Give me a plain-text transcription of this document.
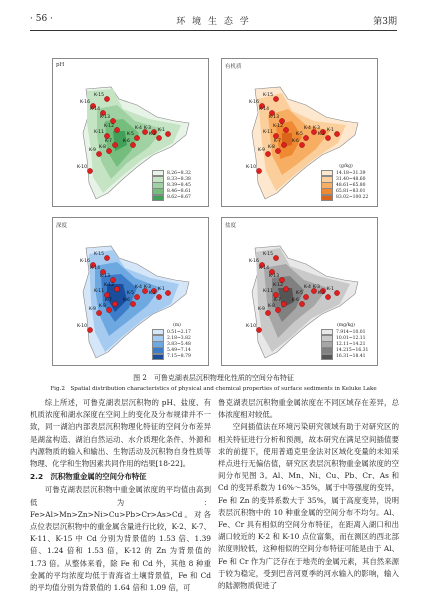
· 56 ·	环 境 生 态 学	第3期
K-15
K-16
K-14
K-13
K-12
K-11
K-4 K-3
K-2
K-1
K-5
K-6
K-7
K-8
K-9
K-10
pH
8.26~8.32
8.33~8.38
8.39~8.45
8.46~8.61
8.62~8.67
K-15
K-16
K-14
K-13
K-12
K-11
K-4 K-3
K-2
K-1
K-5
K-6
K-7
K-8
K-9
K-10
有机质
(g/kg)
14.18~31.39
31.40~48.60
48.61~65.80
65.81~83.01
83.02~100.22
K-15
K-16
K-14
K-13
K-12
K-11
K-4 K-3
K-2
K-1
K-5
K-6
K-7
K-8
K-9
K-10
深度
(m)
0.51~2.17
2.18~3.82
3.83~5.48
5.49~7.14
7.15~8.79
K-15
K-16
K-14
K-13
K-12
K-11
K-4 K-3
K-2
K-1
K-5
K-6
K-7
K-8
K-9
K-10
盐度
(mg/kg)
7.914~10.01
10.01~12.11
12.11~14.21
14.215~16.31
16.31~18.41
图 2　可鲁克湖表层沉积物理化性质的空间分布特征
Fig.2　Spatial distribution characteristics of physical and chemical properties of surface sediments in Keluke Lake

综上所述，可鲁克湖表层沉积物的 pH、盐度、有机质浓度和湖水深度在空间上的变化及分布规律并不一致，同一湖泊内部表层沉积物理化特征的空间分布差异是湖盆构造、湖泊自然运动、水介质理化条件、外源和内源物质的输入和输出、生物活动及沉积物自身性质等物理、化学和生物因素共同作用的结果[18-22]。

2.2　沉积物重金属的空间分布特征

可鲁克湖表层沉积物中重金属浓度的平均值由高到低为：Fe>Al>Mn>Zn>Ni>Cu>Pb>Cr>As>Cd。对各点位表层沉积物中的重金属含量进行比较，K-2、K-7、K-11、K-15 中 Cd 分别为背景值的 1.53 倍、1.39 倍、1.24 倍和 1.53 倍，K-12 的 Zn 为背景值的 1.73 倍。从整体来看，除 Fe 和 Cd 外，其他 8 种重金属的平均浓度均低于青海省土壤背景值，Fe 和 Cd 的平均值分别为背景值的 1.64 倍和 1.09 倍，可

鲁克湖表层沉积物重金属浓度在不同区域存在差异，总体浓度相对较低。

空间插值法在环境污染研究领域有助于对研究区的相关特征进行分析和预测，故本研究在满足空间插值要求的前提下，使用普通克里金法对区域化变量的未知采样点进行无偏估值，研究区表层沉积物重金属浓度的空间分布见图 3。Al、Mn、Ni、Cu、Pb、Cr、As 和 Cd 的变异系数为 16%～35%，属于中等强度的变异，Fe 和 Zn 的变异系数大于 35%，属于高度变异，说明表层沉积物中的 10 种重金属的空间分布不均匀。Al、Fe、Cr 具有相似的空间分布特征，在距离入湖口和出湖口较近的 K-2 和 K-10 点位富集，而在测区的西北部浓度则较低，这种相似的空间分布特征可能是由于 Al、Fe 和 Cr 作为广泛存在于地壳的金属元素，其自然来源于较为稳定，受到巴音河夏季的河水输入的影响，输入的陆源物质促进了
